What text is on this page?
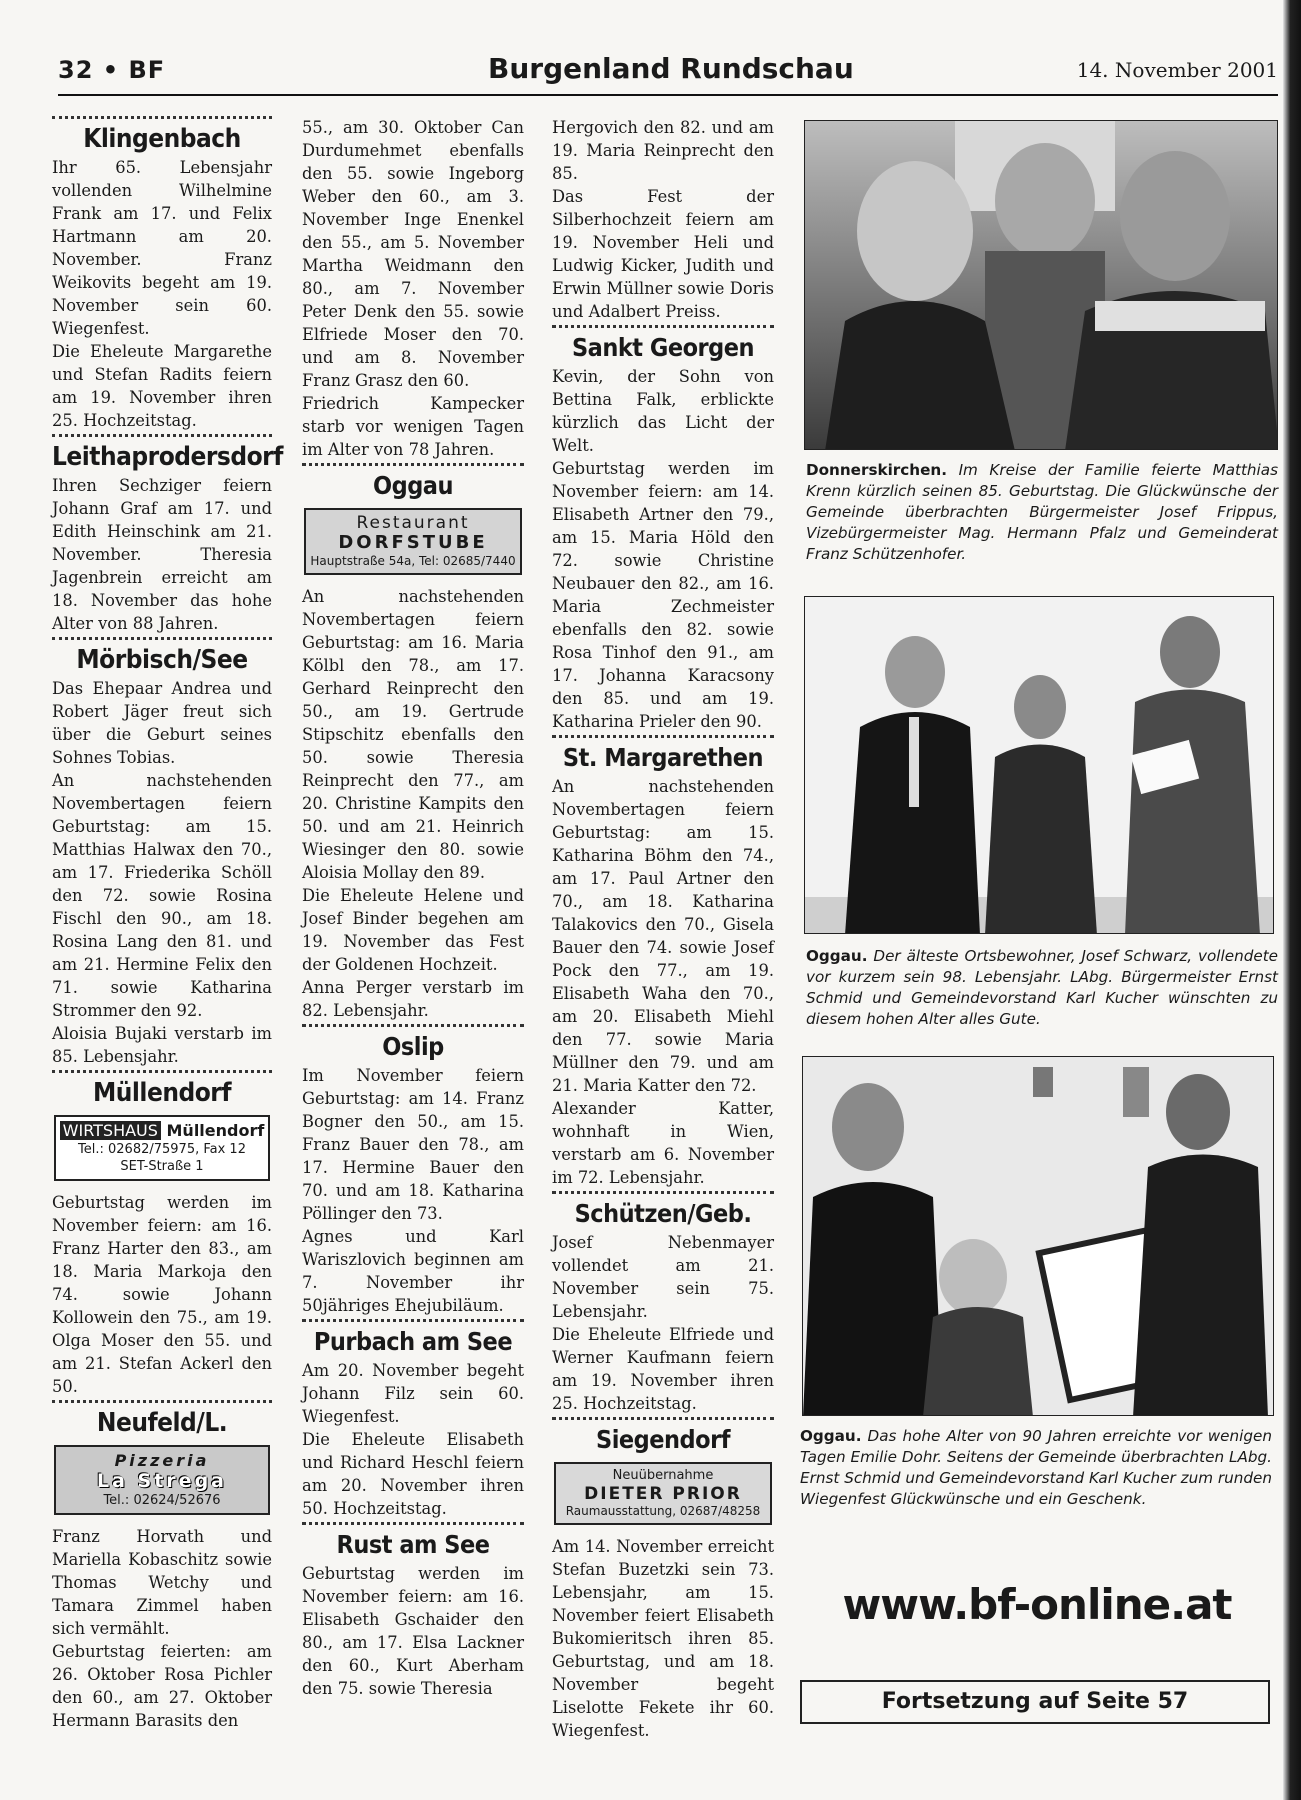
32 • BF	Burgenland Rundschau	14. November 2001
Klingenbach

Ihr 65. Lebensjahr vollenden Wilhelmine Frank am 17. und Felix Hartmann am 20. November. Franz Weikovits begeht am 19. November sein 60. Wiegenfest.

Die Eheleute Margarethe und Stefan Radits feiern am 19. November ihren 25. Hochzeitstag.

Leithaprodersdorf

Ihren Sechziger feiern Johann Graf am 17. und Edith Heinschink am 21. November. Theresia Jagenbrein erreicht am 18. November das hohe Alter von 88 Jahren.

Mörbisch/See

Das Ehepaar Andrea und Robert Jäger freut sich über die Geburt seines Sohnes Tobias.

An nachstehenden Novembertagen feiern Geburtstag: am 15. Matthias Halwax den 70., am 17. Friederika Schöll den 72. sowie Rosina Fischl den 90., am 18. Rosina Lang den 81. und am 21. Hermine Felix den 71. sowie Katharina Strommer den 92.

Aloisia Bujaki verstarb im 85. Lebensjahr.

Müllendorf
WIRTSHAUS Müllendorf
Tel.: 02682/75975, Fax 12
SET-Straße 1

Geburtstag werden im November feiern: am 16. Franz Harter den 83., am 18. Maria Markoja den 74. sowie Johann Kollowein den 75., am 19. Olga Moser den 55. und am 21. Stefan Ackerl den 50.

Neufeld/L.
Pizzeria
La Strega
Tel.: 02624/52676

Franz Horvath und Mariella Kobaschitz sowie Thomas Wetchy und Tamara Zimmel haben sich vermählt.

Geburtstag feierten: am 26. Oktober Rosa Pichler den 60., am 27. Oktober Hermann Barasits den

55., am 30. Oktober Can Durdumehmet ebenfalls den 55. sowie Ingeborg Weber den 60., am 3. November Inge Enenkel den 55., am 5. November Martha Weidmann den 80., am 7. November Peter Denk den 55. sowie Elfriede Moser den 70. und am 8. November Franz Grasz den 60.

Friedrich Kampecker starb vor wenigen Tagen im Alter von 78 Jahren.

Oggau
Restaurant
DORFSTUBE
Hauptstraße 54a, Tel: 02685/7440

An nachstehenden Novembertagen feiern Geburtstag: am 16. Maria Kölbl den 78., am 17. Gerhard Reinprecht den 50., am 19. Gertrude Stipschitz ebenfalls den 50. sowie Theresia Reinprecht den 77., am 20. Christine Kampits den 50. und am 21. Heinrich Wiesinger den 80. sowie Aloisia Mollay den 89.

Die Eheleute Helene und Josef Binder begehen am 19. November das Fest der Goldenen Hochzeit.

Anna Perger verstarb im 82. Lebensjahr.

Oslip

Im November feiern Geburtstag: am 14. Franz Bogner den 50., am 15. Franz Bauer den 78., am 17. Hermine Bauer den 70. und am 18. Katharina Pöllinger den 73.

Agnes und Karl Wariszlovich beginnen am 7. November ihr 50jähriges Ehejubiläum.

Purbach am See

Am 20. November begeht Johann Filz sein 60. Wiegenfest.

Die Eheleute Elisabeth und Richard Heschl feiern am 20. November ihren 50. Hochzeitstag.

Rust am See

Geburtstag werden im November feiern: am 16. Elisabeth Gschaider den 80., am 17. Elsa Lackner den 60., Kurt Aberham den 75. sowie Theresia

Hergovich den 82. und am 19. Maria Reinprecht den 85.

Das Fest der Silberhochzeit feiern am 19. November Heli und Ludwig Kicker, Judith und Erwin Müllner sowie Doris und Adalbert Preiss.

Sankt Georgen

Kevin, der Sohn von Bettina Falk, erblickte kürzlich das Licht der Welt.

Geburtstag werden im November feiern: am 14. Elisabeth Artner den 79., am 15. Maria Höld den 72. sowie Christine Neubauer den 82., am 16. Maria Zechmeister ebenfalls den 82. sowie Rosa Tinhof den 91., am 17. Johanna Karacsony den 85. und am 19. Katharina Prieler den 90.

St. Margarethen

An nachstehenden Novembertagen feiern Geburtstag: am 15. Katharina Böhm den 74., am 17. Paul Artner den 70., am 18. Katharina Talakovics den 70., Gisela Bauer den 74. sowie Josef Pock den 77., am 19. Elisabeth Waha den 70., am 20. Elisabeth Miehl den 77. sowie Maria Müllner den 79. und am 21. Maria Katter den 72.

Alexander Katter, wohnhaft in Wien, verstarb am 6. November im 72. Lebensjahr.

Schützen/Geb.

Josef Nebenmayer vollendet am 21. November sein 75. Lebensjahr.

Die Eheleute Elfriede und Werner Kaufmann feiern am 19. November ihren 25. Hochzeitstag.

Siegendorf
Neuübernahme
DIETER PRIOR
Raumausstattung, 02687/48258

Am 14. November erreicht Stefan Buzetzki sein 73. Lebensjahr, am 15. November feiert Elisabeth Bukomieritsch ihren 85. Geburtstag, und am 18. November begeht Liselotte Fekete ihr 60. Wiegenfest.

Donnerskirchen. Im Kreise der Familie feierte Matthias Krenn kürzlich seinen 85. Geburtstag. Die Glückwünsche der Gemeinde überbrachten Bürgermeister Josef Frippus, Vizebürgermeister Mag. Hermann Pfalz und Gemeinderat Franz Schützenhofer.
Oggau. Der älteste Ortsbewohner, Josef Schwarz, vollendete vor kurzem sein 98. Lebensjahr. LAbg. Bürgermeister Ernst Schmid und Gemeindevorstand Karl Kucher wünschten zu diesem hohen Alter alles Gute.
Oggau. Das hohe Alter von 90 Jahren erreichte vor wenigen Tagen Emilie Dohr. Seitens der Gemeinde überbrachten LAbg. Ernst Schmid und Gemeindevorstand Karl Kucher zum runden Wiegenfest Glückwünsche und ein Geschenk.
www.bf-online.at
Fortsetzung auf Seite 57
